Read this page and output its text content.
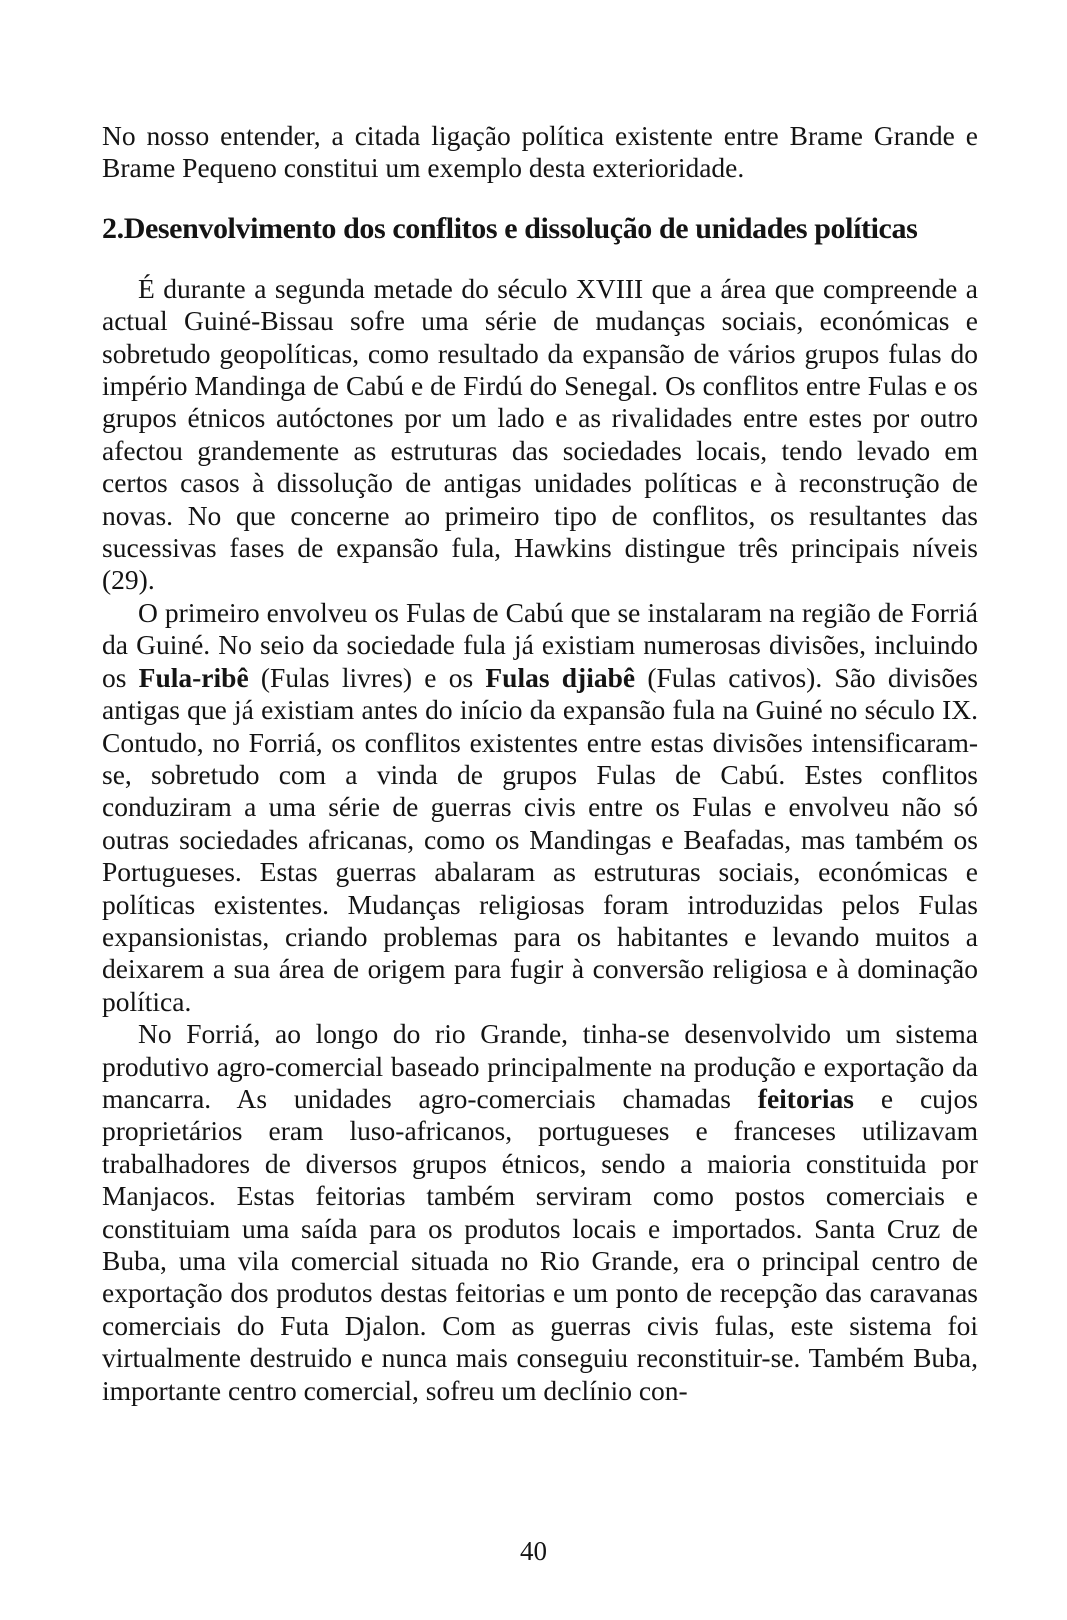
No nosso entender, a citada ligação política existente entre Brame Grande e Brame Pequeno constitui um exemplo desta exterioridade.

2.Desenvolvimento dos conflitos e dissolução de unidades políticas

É durante a segunda metade do século XVIII que a área que compreende a actual Guiné-Bissau sofre uma série de mudanças sociais, económicas e sobretudo geopolíticas, como resultado da expansão de vários grupos fulas do império Mandinga de Cabú e de Firdú do Senegal. Os conflitos entre Fulas e os grupos étnicos autóctones por um lado e as rivalidades entre estes por outro afectou grandemente as estruturas das sociedades locais, tendo levado em certos casos à dissolução de antigas unidades políticas e à reconstrução de novas. No que concerne ao primeiro tipo de conflitos, os resultantes das sucessivas fases de expansão fula, Hawkins distingue três principais níveis (29).

O primeiro envolveu os Fulas de Cabú que se instalaram na região de Forriá da Guiné. No seio da sociedade fula já existiam numerosas divisões, incluindo os Fula-ribê (Fulas livres) e os Fulas djiabê (Fulas cativos). São divisões antigas que já existiam antes do início da expansão fula na Guiné no século IX. Contudo, no Forriá, os conflitos existentes entre estas divisões intensificaram-se, sobretudo com a vinda de grupos Fulas de Cabú. Estes conflitos conduziram a uma série de guerras civis entre os Fulas e envolveu não só outras sociedades africanas, como os Mandingas e Beafadas, mas também os Portugueses. Estas guerras abalaram as estruturas sociais, económicas e políticas existentes. Mudanças religiosas foram introduzidas pelos Fulas expansionistas, criando problemas para os habitantes e levando muitos a deixarem a sua área de origem para fugir à conversão religiosa e à dominação política.

No Forriá, ao longo do rio Grande, tinha-se desenvolvido um sistema produtivo agro-comercial baseado principalmente na produção e exportação da mancarra. As unidades agro-comerciais chamadas feitorias e cujos proprietários eram luso-africanos, portugueses e franceses utilizavam trabalhadores de diversos grupos étnicos, sendo a maioria constituida por Manjacos. Estas feitorias também serviram como postos comerciais e constituiam uma saída para os produtos locais e importados. Santa Cruz de Buba, uma vila comercial situada no Rio Grande, era o principal centro de exportação dos produtos destas feitorias e um ponto de recepção das caravanas comerciais do Futa Djalon. Com as guerras civis fulas, este sistema foi virtualmente destruido e nunca mais conseguiu reconstituir-se. Também Buba, importante centro comercial, sofreu um declínio con-

40
